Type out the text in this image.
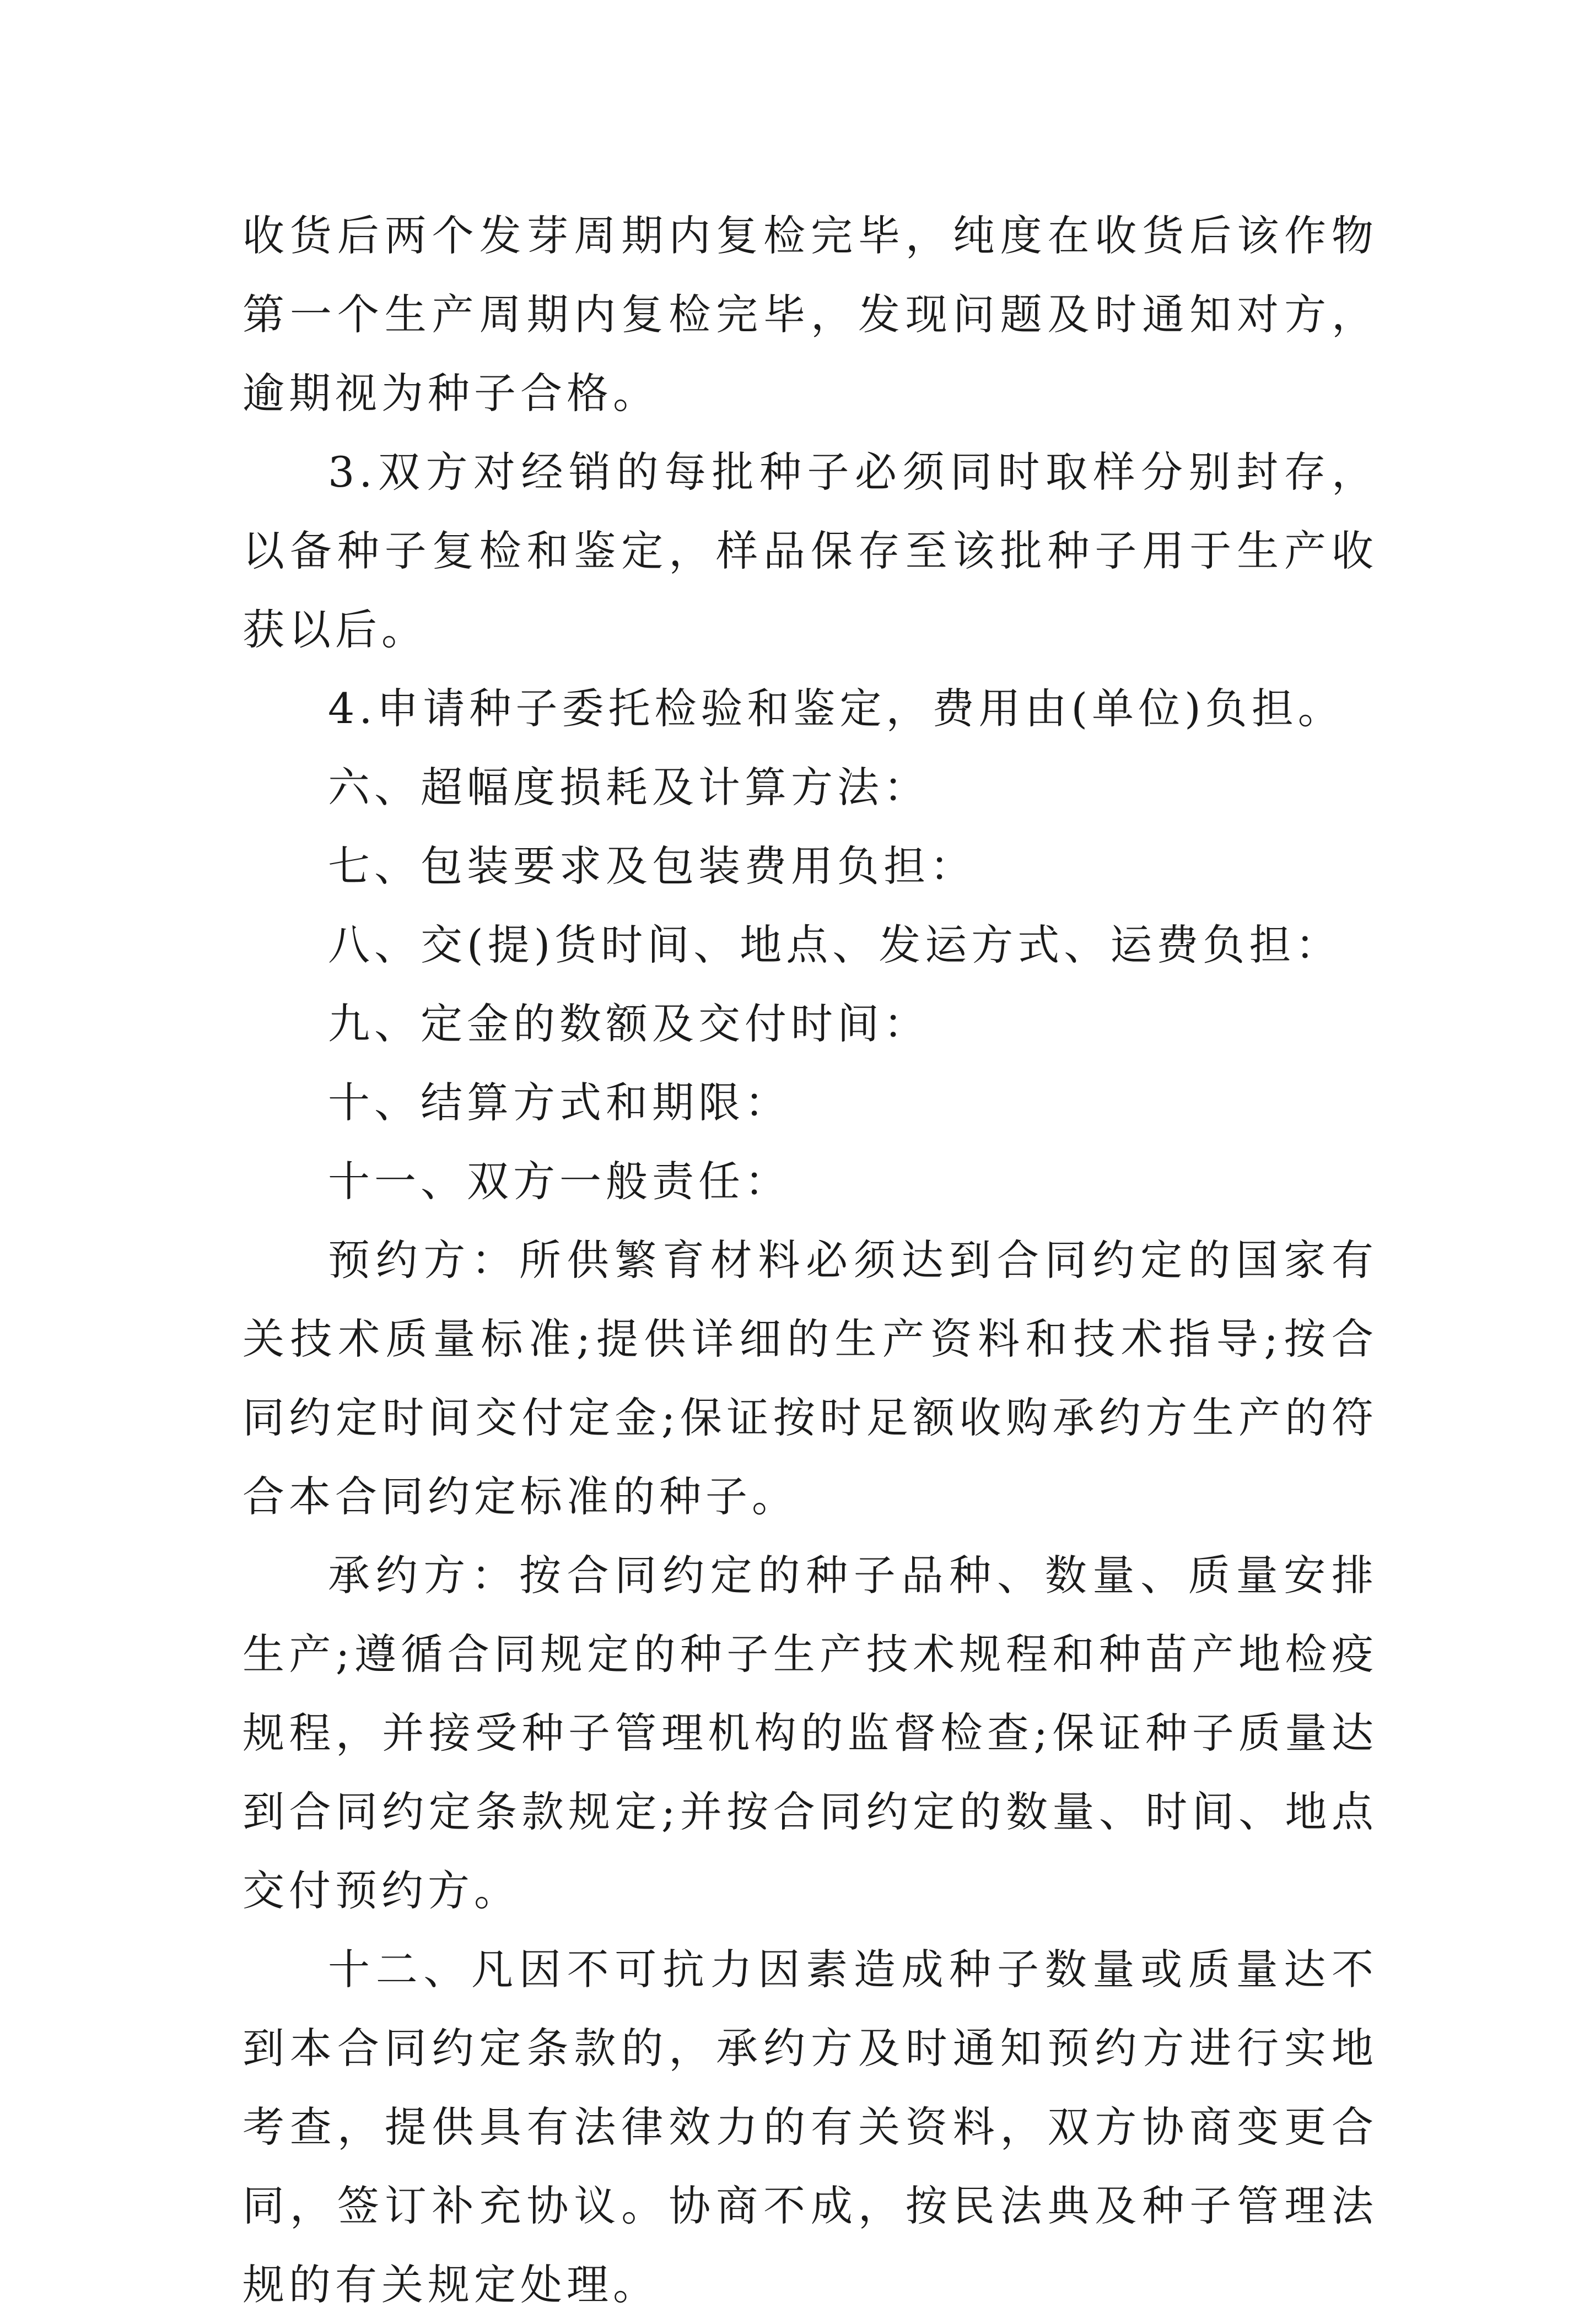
收货后两个发芽周期内复检完毕，纯度在收货后该作物第一个生产周期内复检完毕，发现问题及时通知对方，逾期视为种子合格。

3.双方对经销的每批种子必须同时取样分别封存，以备种子复检和鉴定，样品保存至该批种子用于生产收获以后。

4.申请种子委托检验和鉴定，费用由(单位)负担。

六、超幅度损耗及计算方法：

七、包装要求及包装费用负担：

八、交(提)货时间、地点、发运方式、运费负担：

九、定金的数额及交付时间：

十、结算方式和期限：

十一、双方一般责任：

预约方：所供繁育材料必须达到合同约定的国家有关技术质量标准;提供详细的生产资料和技术指导;按合同约定时间交付定金;保证按时足额收购承约方生产的符合本合同约定标准的种子。

承约方：按合同约定的种子品种、数量、质量安排生产;遵循合同规定的种子生产技术规程和种苗产地检疫规程，并接受种子管理机构的监督检查;保证种子质量达到合同约定条款规定;并按合同约定的数量、时间、地点交付预约方。

十二、凡因不可抗力因素造成种子数量或质量达不到本合同约定条款的，承约方及时通知预约方进行实地考查，提供具有法律效力的有关资料，双方协商变更合同，签订补充协议。协商不成，按民法典及种子管理法规的有关规定处理。
